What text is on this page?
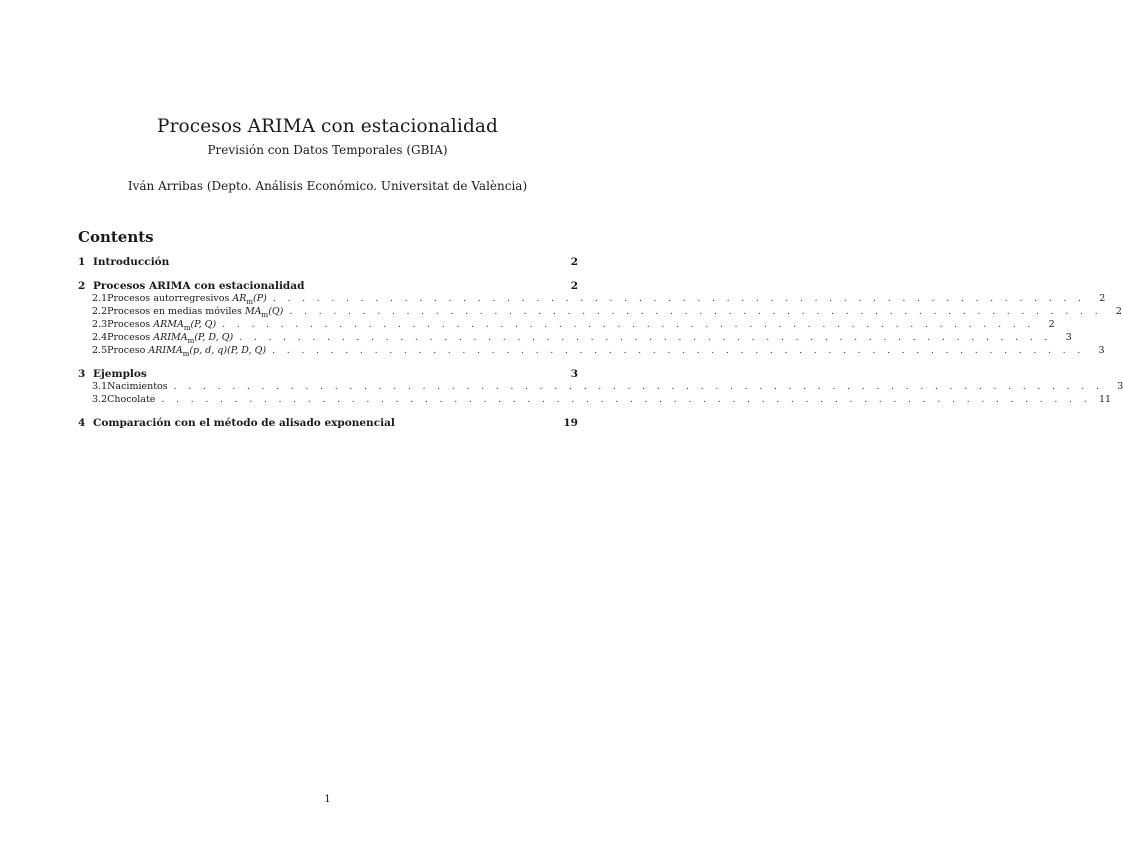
Procesos ARIMA con estacionalidad
Previsión con Datos Temporales (GBIA)
Iván Arribas (Depto. Análisis Económico. Universitat de València)
Contents
1 Introducción	2
2 Procesos ARIMA con estacionalidad	2
2.1 Procesos autorregresivos $AR_m(P)$ . . . . . . . . . . . . . . . . . . . . . . . . . . . . . . . . . . . . . . . . . . . . . . . . . . . . . . . .	2
2.2 Procesos en medias móviles $MA_m(Q)$ . . . . . . . . . . . . . . . . . . . . . . . . . . . . . . . . . . . . . . . . . . . . . . . . . . . . . . . .	2
2.3 Procesos $ARMA_m(P$, Q) . . . . . . . . . . . . . . . . . . . . . . . . . . . . . . . . . . . . . . . . . . . . . . . . . . . . . . . .	2
2.4 Procesos $ARIMA_m(P$, D, Q) . . . . . . . . . . . . . . . . . . . . . . . . . . . . . . . . . . . . . . . . . . . . . . . . . . . . . . . .	3
2.5 Proceso $ARIMA_m(p$, d, q)(P, D, Q) . . . . . . . . . . . . . . . . . . . . . . . . . . . . . . . . . . . . . . . . . . . . . . . . . . . . . . . .	3
3 Ejemplos	3
3.1 Nacimientos . . . . . . . . . . . . . . . . . . . . . . . . . . . . . . . . . . . . . . . . . . . . . . . . . . . . . . . . . . . . . . . .	3
3.2 Chocolate . . . . . . . . . . . . . . . . . . . . . . . . . . . . . . . . . . . . . . . . . . . . . . . . . . . . . . . . . . . . . . . . 11
4 Comparación con el método de alisado exponencial	19
1
